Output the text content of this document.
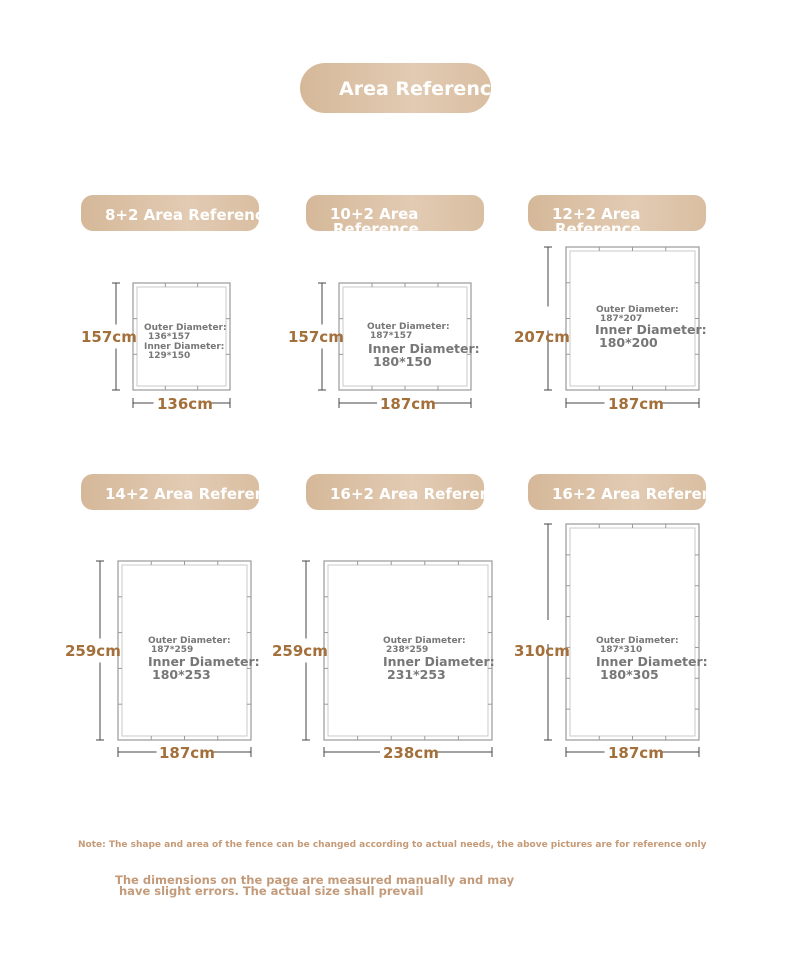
Area Reference
8+2 Area Reference	10+2 Area
Reference
12+2 Area
Reference
14+2 Area Reference	16+2 Area Reference	16+2 Area Reference
157cm
136cm
157cm
187cm
207cm
187cm
259cm
187cm
259cm
238cm
310cm
187cm
Outer Diameter:
136*157
Inner Diameter:
129*150
Outer Diameter:
187*157
Inner Diameter:
180*150
Outer Diameter:
187*207
Inner Diameter:
180*200
Outer Diameter:
187*259
Inner Diameter:
180*253
Outer Diameter:
238*259
Inner Diameter:
231*253
Outer Diameter:
187*310
Inner Diameter:
180*305
Note: The shape and area of the fence can be changed according to actual needs, the above pictures are for reference only
The dimensions on the page are measured manually and may
have slight errors. The actual size shall prevail
